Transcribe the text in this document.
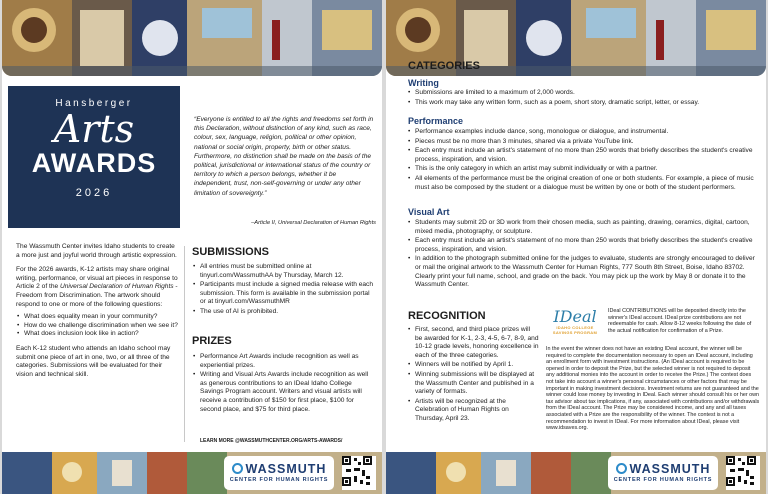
Hansberger
Arts
AWARDS
2026
“Everyone is entitled to all the rights and freedoms set forth in this Declaration, without distinction of any kind, such as race, colour, sex, language, religion, political or other opinion, national or social origin, property, birth or other status. Furthermore, no distinction shall be made on the basis of the political, jurisdictional or international status of the country or territory to which a person belongs, whether it be independent, trust, non-self-governing or under any other limitation of sovereignty.”
–Article II, Universal Declaration of Human Rights

The Wassmuth Center invites Idaho students to create a more just and joyful world through artistic expression.

For the 2026 awards, K-12 artists may share original writing, performance, or visual art pieces in response to Article 2 of the Universal Declaration of Human Rights - Freedom from Discrimination. The artwork should respond to one or more of the following questions:

• What does equality mean in your community?
• How do we challenge discrimination when we see it?
• What does inclusion look like in action?

Each K-12 student who attends an Idaho school may submit one piece of art in one, two, or all three of the categories. Submissions will be evaluated for their vision and technical skill.

SUBMISSIONS
• All entries must be submitted online at tinyurl.com/WassmuthAA by Thursday, March 12.
• Participants must include a signed media release with each submission. This form is available in the submission portal or at tinyurl.com/WassmuthMR
• The use of AI is prohibited.
PRIZES
• Performance Art Awards include recognition as well as experiential prizes.
• Writing and Visual Arts Awards include recognition as well as generous contributions to an IDeal Idaho College Savings Program account. Writers and visual artists will receive a contribution of $150 for first place, $100 for second place, and $75 for third place.
LEARN MORE @WASSMUTHCENTER.ORG/ARTS-AWARDS/
WASSMUTH
CENTER FOR HUMAN RIGHTS
CATEGORIES
Writing
• Submissions are limited to a maximum of 2,000 words.
• This work may take any written form, such as a poem, short story, dramatic script, letter, or essay.
Performance
• Performance examples include dance, song, monologue or dialogue, and instrumental.
• Pieces must be no more than 3 minutes, shared via a private YouTube link.
• Each entry must include an artist's statement of no more than 250 words that briefly describes the student's creative process, inspiration, and vision.
• This is the only category in which an artist may submit individually or with a partner.
• All elements of the performance must be the original creation of one or both students. For example, a piece of music must also be composed by the student or a dialogue must be written by one or both of the student performers.
Visual Art
• Students may submit 2D or 3D work from their chosen media, such as painting, drawing, ceramics, digital, cartoon, mixed media, photography, or sculpture.
• Each entry must include an artist's statement of no more than 250 words that briefly describes the student's creative process, inspiration, and vision.
• In addition to the photograph submitted online for the judges to evaluate, students are strongly encouraged to deliver or mail the original artwork to the Wassmuth Center for Human Rights, 777 South 8th Street, Boise, Idaho 83702. Clearly print your full name, school, and grade on the back. You may pick up the work by May 8 or donate it to the Wassmuth Center.
RECOGNITION
• First, second, and third place prizes will be awarded for K-1, 2-3, 4-5, 6-7, 8-9, and 10-12 grade levels, honoring excellence in each of the three categories.
• Winners will be notified by April 1.
• Winning submissions will be displayed at the Wassmuth Center and published in a variety of formats.
• Artists will be recognized at the Celebration of Human Rights on Thursday, April 23.
IDeal
IDAHO COLLEGE SAVINGS PROGRAM
IDeal CONTRIBUTIONS will be deposited directly into the winner's IDeal account. IDeal prize contributions are not redeemable for cash. Allow 8-12 weeks following the date of the actual notification for confirmation of a Prize.
In the event the winner does not have an existing IDeal account, the winner will be required to complete the documentation necessary to open an IDeal account, including an enrollment form with investment instructions. (An IDeal account is required to be opened in order to deposit the Prize, but the selected winner is not required to deposit any additional monies into the account in order to receive the Prize.) The contest does not take into account a winner's personal circumstances or other factors that may be important in making investment decisions. Investment returns are not guaranteed and the winner could lose money by investing in IDeal. Each winner should consult his or her own tax advisor about tax implications, if any, associated with contributions and/or withdrawals from the IDeal account. The Prize may be considered income, and any and all taxes associated with a Prize are the responsibility of the winner. The contest is not a recommendation to invest in IDeal. For more information about IDeal, please visit www.idsaves.org.
WASSMUTH
CENTER FOR HUMAN RIGHTS
